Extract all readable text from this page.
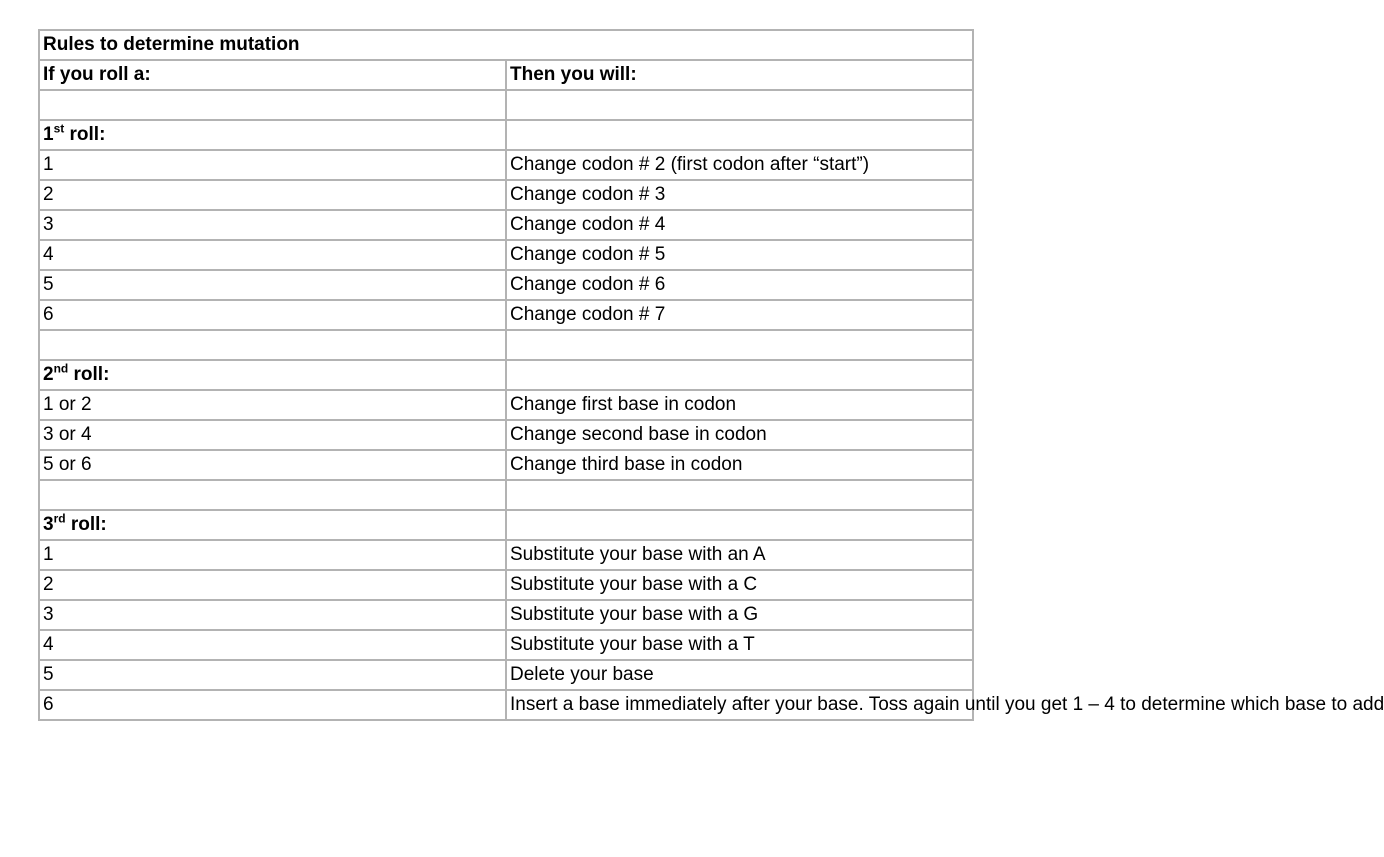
Rules to determine mutation	
If you roll a:	Then you will:

1st roll:	
1	Change codon # 2 (first codon after “start”)
2	Change codon # 3
3	Change codon # 4
4	Change codon # 5
5	Change codon # 6
6	Change codon # 7

2nd roll:	
1 or 2	Change first base in codon
3 or 4	Change second base in codon
5 or 6	Change third base in codon

3rd roll:	
1	Substitute your base with an A
2	Substitute your base with a C
3	Substitute your base with a G
4	Substitute your base with a T
5	Delete your base
6	Insert a base immediately after your base. Toss again until you get 1 – 4 to determine which base to add
